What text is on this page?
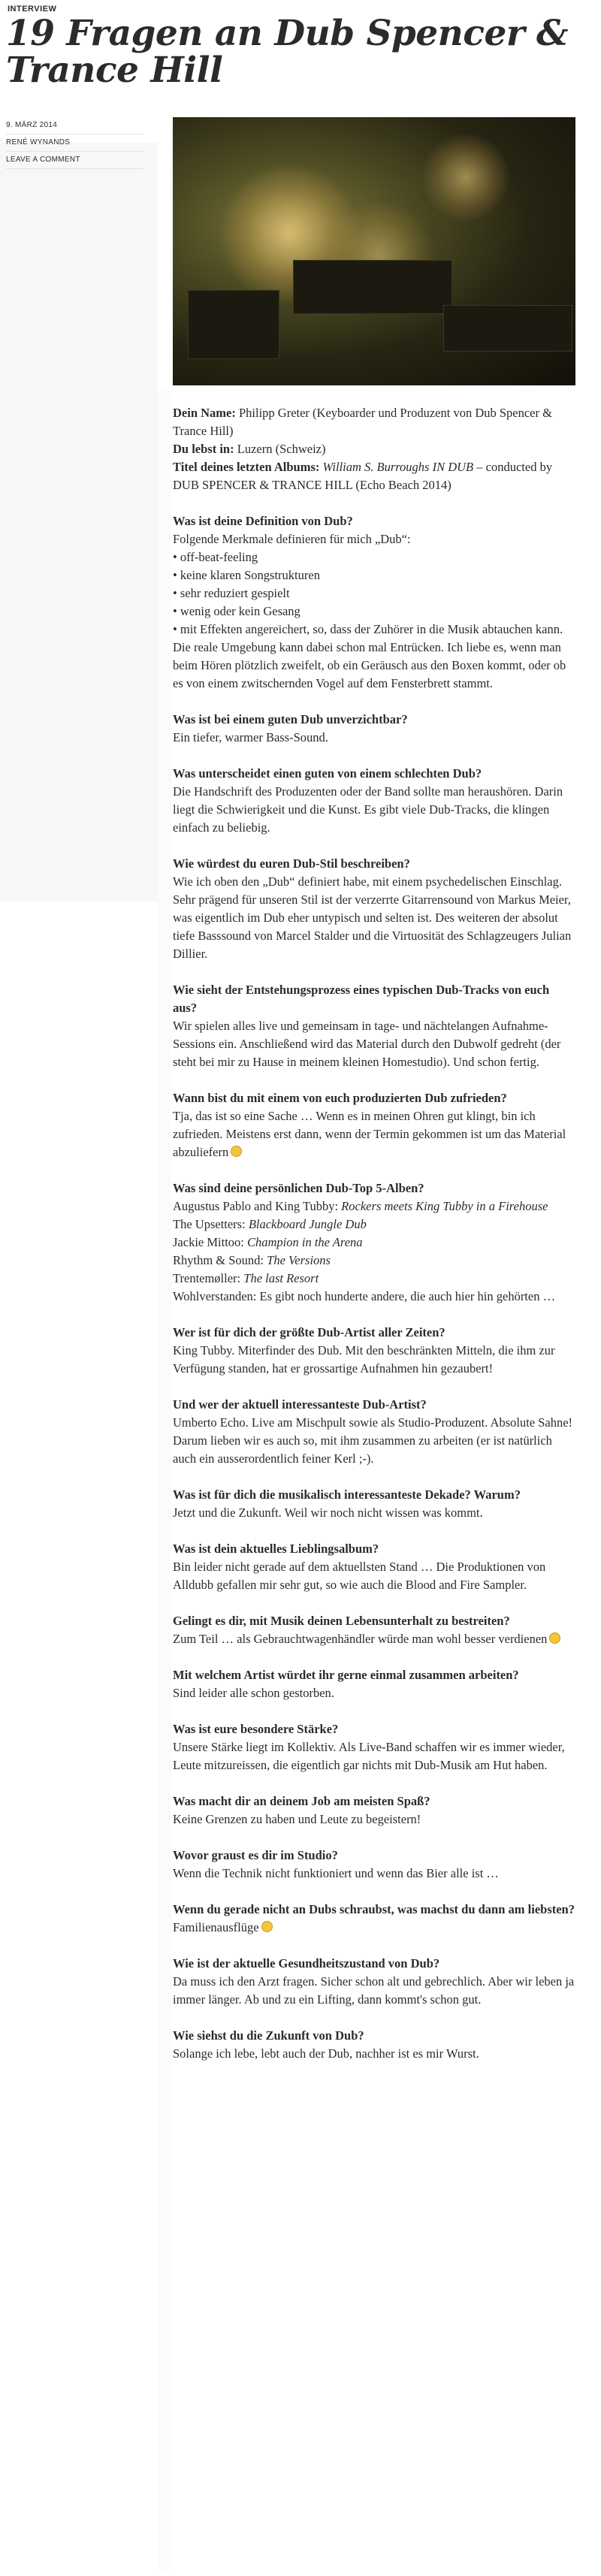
INTERVIEW
19 Fragen an Dub Spencer & Trance Hill
9. MÄRZ 2014
RENÉ WYNANDS
LEAVE A COMMENT

Dein Name: Philipp Greter (Keyboarder und Produzent von Dub Spencer & Trance Hill)
Du lebst in: Luzern (Schweiz)
Titel deines letzten Albums: William S. Burroughs IN DUB – conducted by DUB SPENCER & TRANCE HILL (Echo Beach 2014)

Was ist deine Definition von Dub?
Folgende Merkmale definieren für mich „Dub“:
• off-beat-feeling
• keine klaren Songstrukturen
• sehr reduziert gespielt
• wenig oder kein Gesang
• mit Effekten angereichert, so, dass der Zuhörer in die Musik abtauchen kann.
Die reale Umgebung kann dabei schon mal Entrücken. Ich liebe es, wenn man beim Hören plötzlich zweifelt, ob ein Geräusch aus den Boxen kommt, oder ob es von einem zwitschernden Vogel auf dem Fensterbrett stammt.

Was ist bei einem guten Dub unverzichtbar?
Ein tiefer, warmer Bass-Sound.

Was unterscheidet einen guten von einem schlechten Dub?
Die Handschrift des Produzenten oder der Band sollte man heraushören. Darin liegt die Schwierigkeit und die Kunst. Es gibt viele Dub-Tracks, die klingen einfach zu beliebig.

Wie würdest du euren Dub-Stil beschreiben?
Wie ich oben den „Dub“ definiert habe, mit einem psychedelischen Einschlag. Sehr prägend für unseren Stil ist der verzerrte Gitarrensound von Markus Meier, was eigentlich im Dub eher untypisch und selten ist. Des weiteren der absolut tiefe Basssound von Marcel Stalder und die Virtuosität des Schlagzeugers Julian Dillier.

Wie sieht der Entstehungsprozess eines typischen Dub-Tracks von euch aus?
Wir spielen alles live und gemeinsam in tage- und nächtelangen Aufnahme-Sessions ein. Anschließend wird das Material durch den Dubwolf gedreht (der steht bei mir zu Hause in meinem kleinen Homestudio). Und schon fertig.

Wann bist du mit einem von euch produzierten Dub zufrieden?
Tja, das ist so eine Sache … Wenn es in meinen Ohren gut klingt, bin ich zufrieden. Meistens erst dann, wenn der Termin gekommen ist um das Material abzuliefern

Was sind deine persönlichen Dub-Top 5-Alben?
Augustus Pablo and King Tubby: Rockers meets King Tubby in a Firehouse
The Upsetters: Blackboard Jungle Dub
Jackie Mittoo: Champion in the Arena
Rhythm & Sound: The Versions
Trentemøller: The last Resort
Wohlverstanden: Es gibt noch hunderte andere, die auch hier hin gehörten …

Wer ist für dich der größte Dub-Artist aller Zeiten?
King Tubby. Miterfinder des Dub. Mit den beschränkten Mitteln, die ihm zur Verfügung standen, hat er grossartige Aufnahmen hin gezaubert!

Und wer der aktuell interessanteste Dub-Artist?
Umberto Echo. Live am Mischpult sowie als Studio-Produzent. Absolute Sahne! Darum lieben wir es auch so, mit ihm zusammen zu arbeiten (er ist natürlich auch ein ausserordentlich feiner Kerl ;-).

Was ist für dich die musikalisch interessanteste Dekade? Warum?
Jetzt und die Zukunft. Weil wir noch nicht wissen was kommt.

Was ist dein aktuelles Lieblingsalbum?
Bin leider nicht gerade auf dem aktuellsten Stand … Die Produktionen von Alldubb gefallen mir sehr gut, so wie auch die Blood and Fire Sampler.

Gelingt es dir, mit Musik deinen Lebensunterhalt zu bestreiten?
Zum Teil … als Gebrauchtwagenhändler würde man wohl besser verdienen

Mit welchem Artist würdet ihr gerne einmal zusammen arbeiten?
Sind leider alle schon gestorben.

Was ist eure besondere Stärke?
Unsere Stärke liegt im Kollektiv. Als Live-Band schaffen wir es immer wieder, Leute mitzureissen, die eigentlich gar nichts mit Dub-Musik am Hut haben.

Was macht dir an deinem Job am meisten Spaß?
Keine Grenzen zu haben und Leute zu begeistern!

Wovor graust es dir im Studio?
Wenn die Technik nicht funktioniert und wenn das Bier alle ist …

Wenn du gerade nicht an Dubs schraubst, was machst du dann am liebsten?
Familienausflüge

Wie ist der aktuelle Gesundheitszustand von Dub?
Da muss ich den Arzt fragen. Sicher schon alt und gebrechlich. Aber wir leben ja immer länger. Ab und zu ein Lifting, dann kommt's schon gut.

Wie siehst du die Zukunft von Dub?
Solange ich lebe, lebt auch der Dub, nachher ist es mir Wurst.
